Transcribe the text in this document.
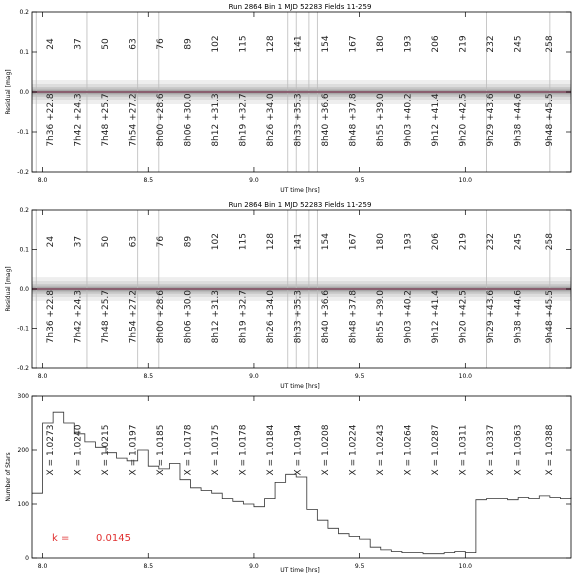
Run 2864 Bin 1 MJD 52283 Fields 11-259
24
7h36 +22.8
37
7h42 +24.3
50
7h48 +25.7
63
7h54 +27.2
76
8h00 +28.6
89
8h06 +30.0
102
8h12 +31.3
115
8h19 +32.7
128
8h26 +34.0
141
8h33 +35.3
154
8h40 +36.6
167
8h48 +37.8
180
8h55 +39.0
193
9h03 +40.2
206
9h12 +41.4
219
9h20 +42.5
232
9h29 +43.6
245
9h38 +44.6
258
9h48 +45.5
-0.2
-0.1
0.0
0.1
0.2
8.0	8.5	9.0	9.5	10.0
Residual [mag]
UT time [hrs]
Run 2864 Bin 1 MJD 52283 Fields 11-259
24
7h36 +22.8
37
7h42 +24.3
50
7h48 +25.7
63
7h54 +27.2
76
8h00 +28.6
89
8h06 +30.0
102
8h12 +31.3
115
8h19 +32.7
128
8h26 +34.0
141
8h33 +35.3
154
8h40 +36.6
167
8h48 +37.8
180
8h55 +39.0
193
9h03 +40.2
206
9h12 +41.4
219
9h20 +42.5
232
9h29 +43.6
245
9h38 +44.6
258
9h48 +45.5
-0.2
-0.1
0.0
0.1
0.2
8.0	8.5	9.0	9.5	10.0
Residual [mag]
UT time [hrs]
X = 1.0273 X = 1.0240 X = 1.0215 X = 1.0197 X = 1.0185 X = 1.0178 X = 1.0175 X = 1.0178 X = 1.0184 X = 1.0194 X = 1.0208 X = 1.0224 X = 1.0243 X = 1.0264 X = 1.0287 X = 1.0311 X = 1.0337 X = 1.0363 X = 1.0388
0
100
200
300
8.0	8.5	9.0	9.5	10.0
Number of Stars
UT time [hrs]
k =	0.0145
